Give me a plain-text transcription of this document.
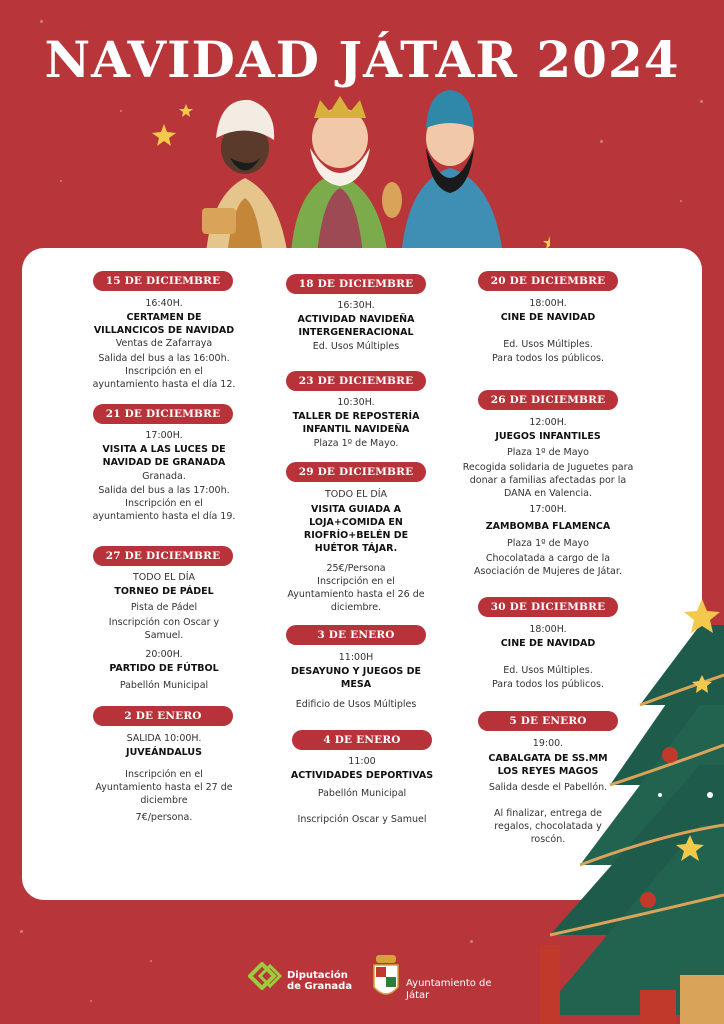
NAVIDAD JÁTAR 2024
15 DE DICIEMBRE
16:40H.
CERTAMEN DE
VILLANCICOS DE NAVIDAD
Ventas de Zafarraya
Salida del bus a las 16:00h.
Inscripción en el
ayuntamiento hasta el día 12.
21 DE DICIEMBRE
17:00H.
VISITA A LAS LUCES DE
NAVIDAD DE GRANADA
Granada.
Salida del bus a las 17:00h.
Inscripción en el
ayuntamiento hasta el día 19.
27 DE DICIEMBRE
TODO EL DÍA
TORNEO DE PÁDEL
Pista de Pádel
Inscripción con Oscar y
Samuel.
20:00H.
PARTIDO DE FÚTBOL
Pabellón Municipal
2 DE ENERO
SALIDA 10:00H.
JUVEÁNDALUS
Inscripción en el
Ayuntamiento hasta el 27 de
diciembre
7€/persona.
18 DE DICIEMBRE
16:30H.
ACTIVIDAD NAVIDEÑA
INTERGENERACIONAL
Ed. Usos Múltiples
23 DE DICIEMBRE
10:30H.
TALLER DE REPOSTERÍA
INFANTIL NAVIDEÑA
Plaza 1º de Mayo.
29 DE DICIEMBRE
TODO EL DÍA
VISITA GUIADA A
LOJA+COMIDA EN
RIOFRÍO+BELÉN DE
HUÉTOR TÁJAR.
25€/Persona
Inscripción en el
Ayuntamiento hasta el 26 de
diciembre.
3 DE ENERO
11:00H
DESAYUNO Y JUEGOS DE
MESA
Edificio de Usos Múltiples
4 DE ENERO
11:00
ACTIVIDADES DEPORTIVAS
Pabellón Municipal
Inscripción Oscar y Samuel
20 DE DICIEMBRE
18:00H.
CINE DE NAVIDAD
Ed. Usos Múltiples.
Para todos los públicos.
26 DE DICIEMBRE
12:00H.
JUEGOS INFANTILES
Plaza 1º de Mayo
Recogida solidaria de Juguetes para
donar a familias afectadas por la
DANA en Valencia.
17:00H.
ZAMBOMBA FLAMENCA
Plaza 1º de Mayo
Chocolatada a cargo de la
Asociación de Mujeres de Játar.
30 DE DICIEMBRE
18:00H.
CINE DE NAVIDAD
Ed. Usos Múltiples.
Para todos los públicos.
5 DE ENERO
19:00.
CABALGATA DE SS.MM
LOS REYES MAGOS
Salida desde el Pabellón.
Al finalizar, entrega de
regalos, chocolatada y
roscón.
Diputación
de Granada	Ayuntamiento de
Játar
